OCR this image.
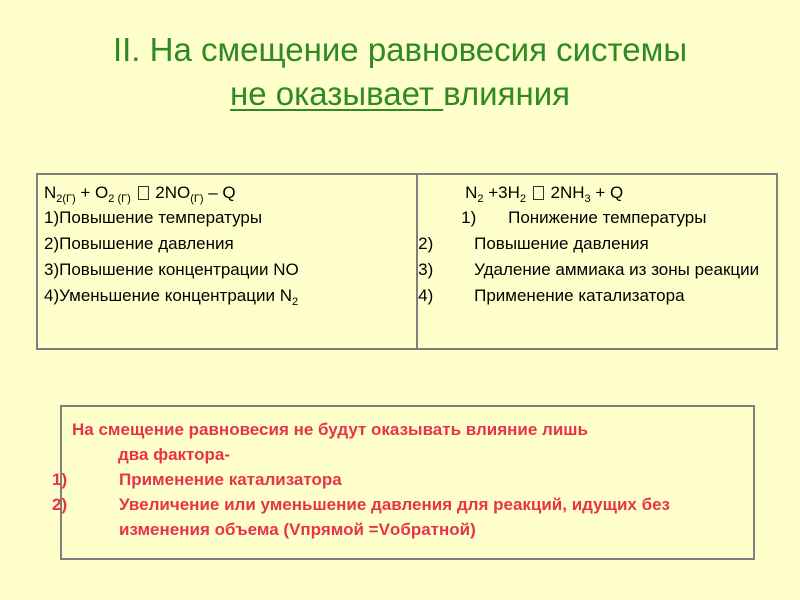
II. На смещение равновесия системы
не оказывает влияния
$N_{2(Г)} + O_{2 (Г)}$ $2NO_{(Г)}$ – Q
1)Повышение температуры
2)Повышение давления
3)Повышение концентрации NO
4)Уменьшение концентрации $N_2$

$N_2 +3H_2$ $2NH_3 + Q$
1) Понижение температуры
2) Повышение давления
3) Удаление аммиака из зоны реакции
4) Применение катализатора
На смещение равновесия не будут оказывать влияние лишь
два фактора-
1)	Применение катализатора
2)	Увеличение или уменьшение давления для реакций, идущих без изменения объема (Vпрямой =Vобратной)
